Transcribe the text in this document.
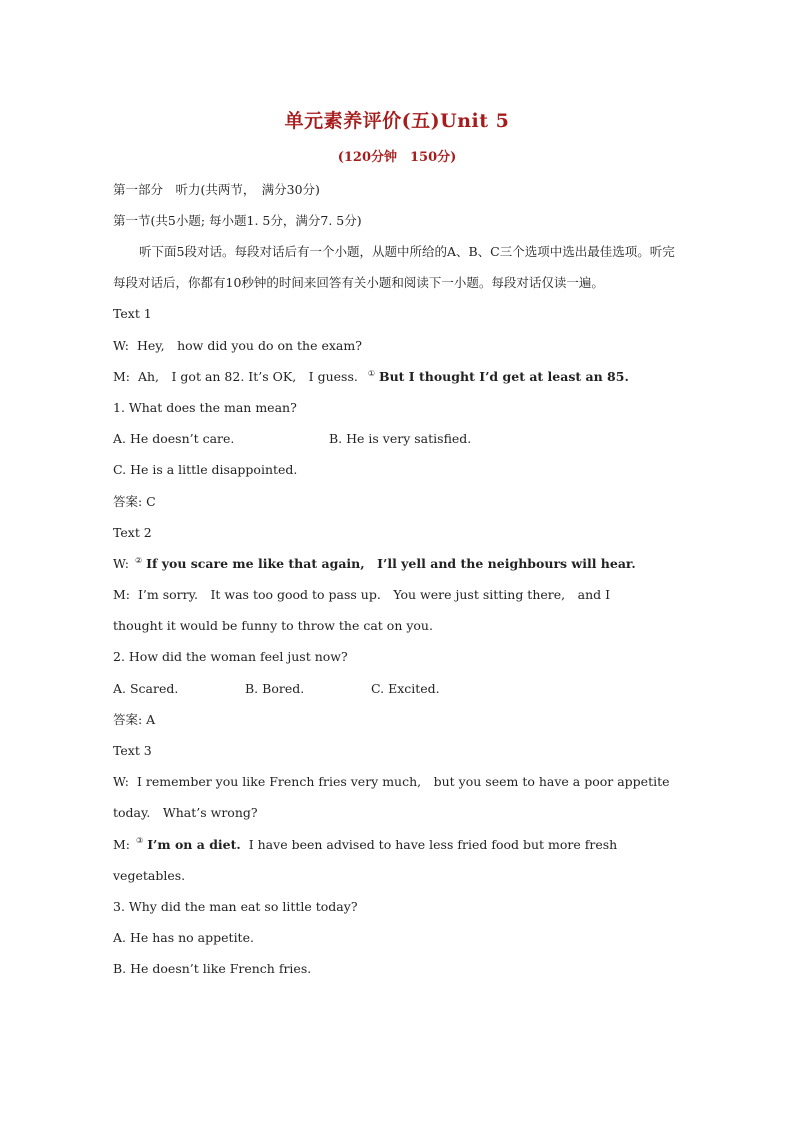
单元素养评价(五)Unit 5
(120分钟　150分)
第一部分　听力(共两节，　满分30分)
第一节(共5小题; 每小题1. 5分，满分7. 5分)
听下面5段对话。每段对话后有一个小题，从题中所给的A、B、C三个选项中选出最佳选项。听完每段对话后，你都有10秒钟的时间来回答有关小题和阅读下一小题。每段对话仅读一遍。
Text 1
W: Hey,　how did you do on the exam?
M: Ah,　I got an 82. It’s OK,　I guess. ① But I thought I’d get at least an 85.
1. What does the man mean?
A. He doesn’t care.	B. He is very satisfied.
C. He is a little disappointed.
答案: C
Text 2
W: ② If you scare me like that again,　I’ll yell and the neighbours will hear.
M: I’m sorry.　It was too good to pass up.　You were just sitting there,　and I
thought it would be funny to throw the cat on you.
2. How did the woman feel just now?
A. Scared.	B. Bored.	C. Excited.
答案: A
Text 3
W: I remember you like French fries very much,　but you seem to have a poor appetite
today.　What’s wrong?
M: ③ I’m on a diet. I have been advised to have less fried food but more fresh
vegetables.
3. Why did the man eat so little today?
A. He has no appetite.
B. He doesn’t like French fries.
